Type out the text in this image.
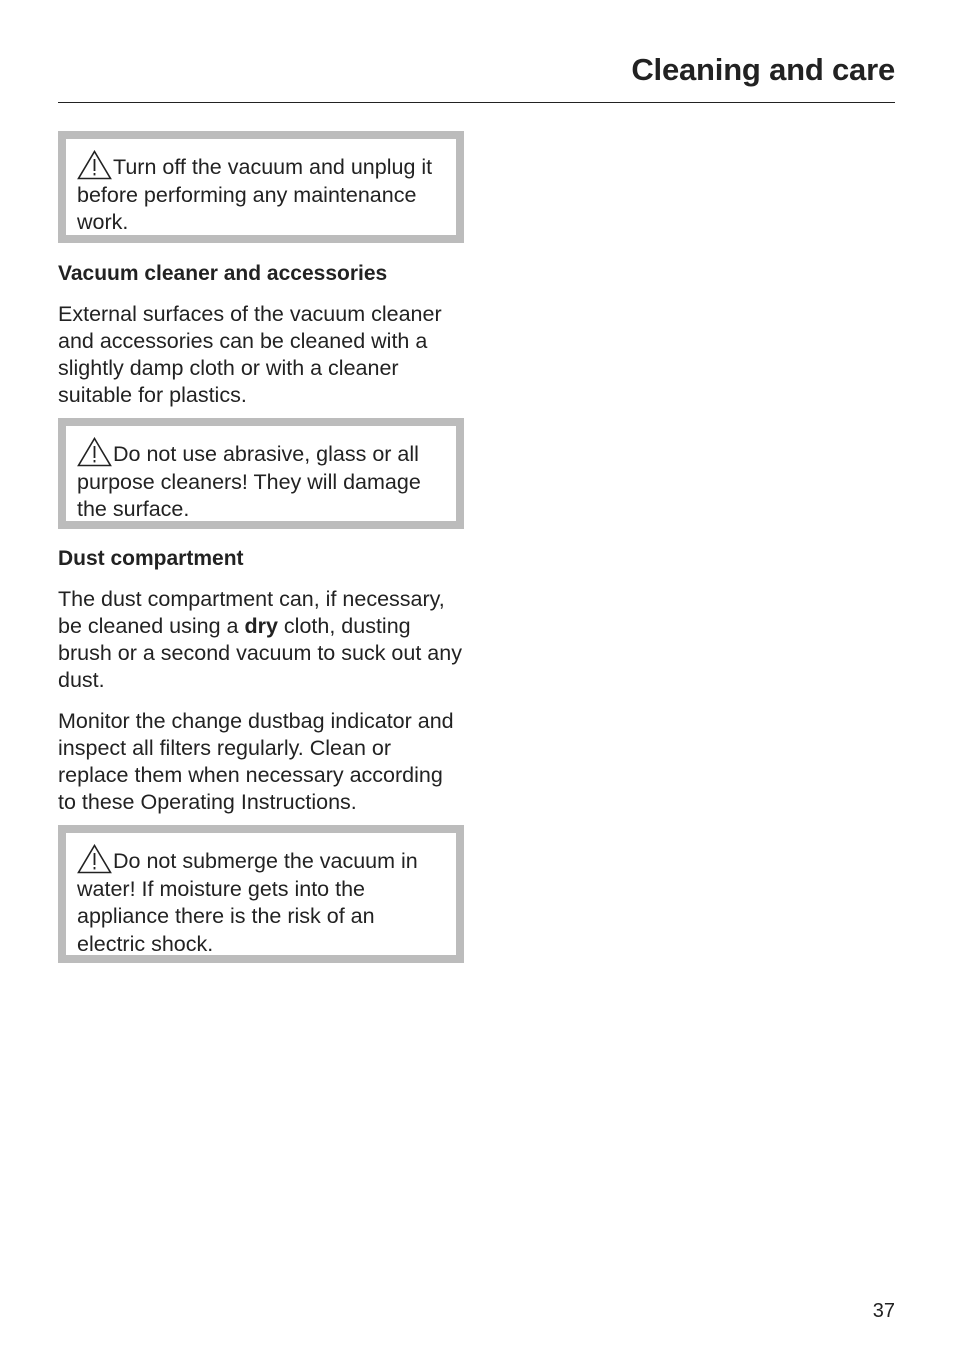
Cleaning and care
Turn off the vacuum and unplug it before performing any maintenance work.
Vacuum cleaner and accessories

External surfaces of the vacuum cleaner and accessories can be cleaned with a slightly damp cloth or with a cleaner suitable for plastics.

Do not use abrasive, glass or all purpose cleaners! They will damage the surface.
Dust compartment

The dust compartment can, if necessary, be cleaned using a dry cloth, dusting brush or a second vacuum to suck out any dust.

Monitor the change dustbag indicator and inspect all filters regularly. Clean or replace them when necessary according to these Operating Instructions.

Do not submerge the vacuum in water! If moisture gets into the appliance there is the risk of an electric shock.
37
